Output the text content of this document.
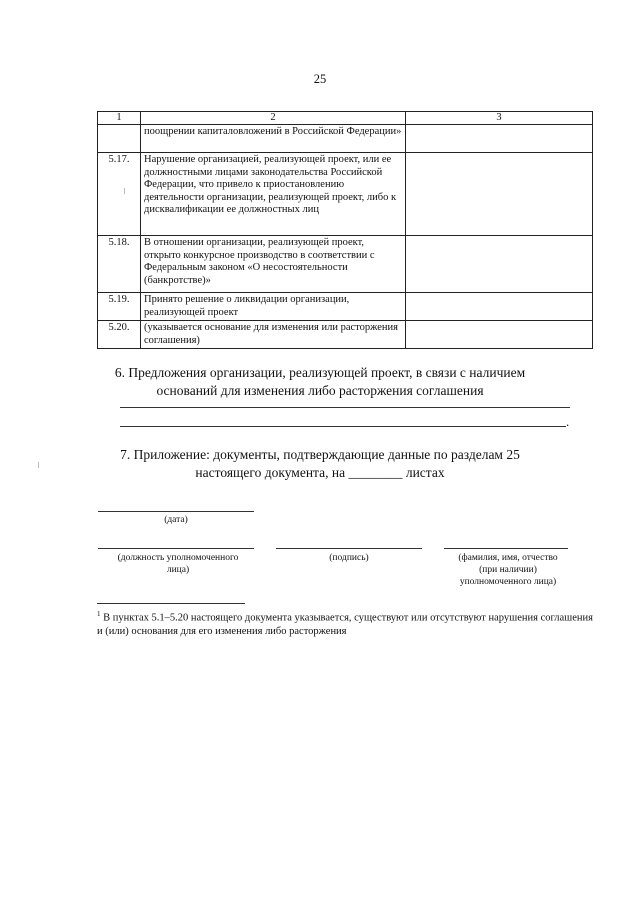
25
1	2	3
	поощрении капиталовложений в Российской Федерации»	
5.17.	Нарушение организацией, реализующей проект, или ее должностными лицами законодательства Российской Федерации, что привело к приостановлению деятельности организации, реализующей проект, либо к дисквалификации ее должностных лиц	
5.18.	В отношении организации, реализующей проект, открыто конкурсное производство в соответствии с Федеральным законом «О несостоятельности (банкротстве)»	
5.19.	Принято решение о ликвидации организации, реализующей проект	
5.20.	(указывается основание для изменения или расторжения соглашения)	
6. Предложения организации, реализующей проект, в связи с наличием
оснований для изменения либо расторжения соглашения
.
7. Приложение: документы, подтверждающие данные по разделам 25
настоящего документа, на ________ листах
(дата)
(должность уполномоченного
лица)
(подпись)	(фамилия, имя, отчество
(при наличии)
уполномоченного лица)
$^1$ В пунктах 5.1–5.20 настоящего документа указывается, существуют или отсутствуют нарушения соглашения и (или) основания для его изменения либо расторжения
